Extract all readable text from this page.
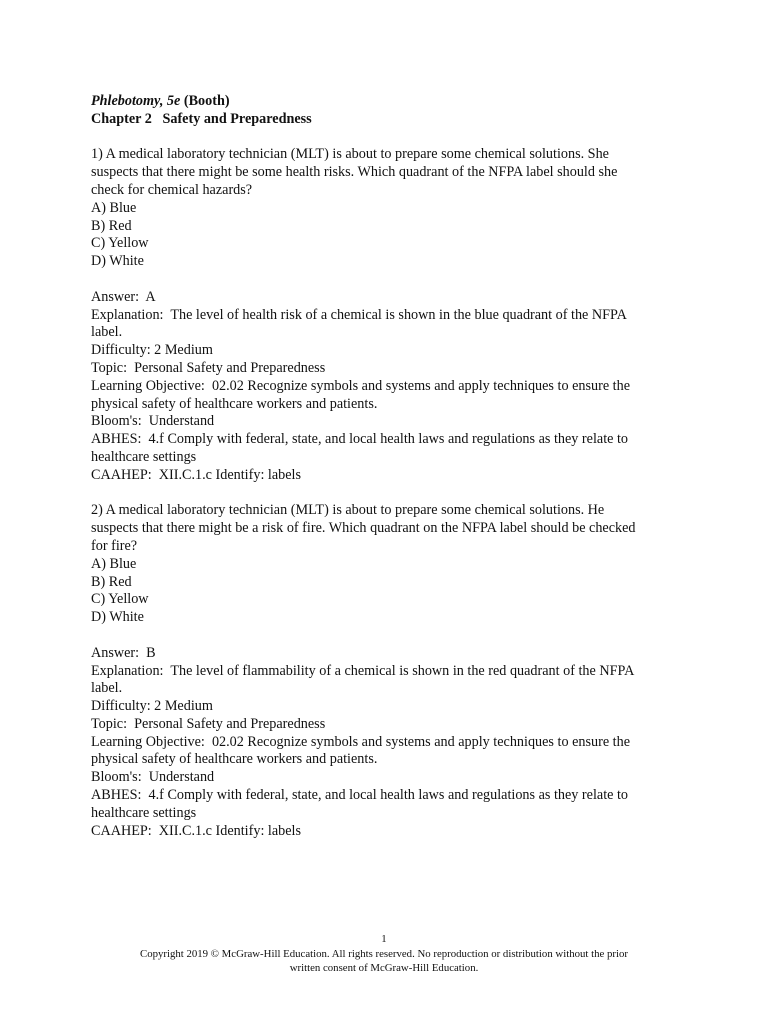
Phlebotomy, 5e (Booth)
Chapter 2   Safety and Preparedness
1) A medical laboratory technician (MLT) is about to prepare some chemical solutions. She
suspects that there might be some health risks. Which quadrant of the NFPA label should she
check for chemical hazards?
A) Blue
B) Red
C) Yellow
D) White
Answer:  A
Explanation:  The level of health risk of a chemical is shown in the blue quadrant of the NFPA
label.
Difficulty: 2 Medium
Topic:  Personal Safety and Preparedness
Learning Objective:  02.02 Recognize symbols and systems and apply techniques to ensure the
physical safety of healthcare workers and patients.
Bloom's:  Understand
ABHES:  4.f Comply with federal, state, and local health laws and regulations as they relate to
healthcare settings
CAAHEP:  XII.C.1.c Identify: labels
2) A medical laboratory technician (MLT) is about to prepare some chemical solutions. He
suspects that there might be a risk of fire. Which quadrant on the NFPA label should be checked
for fire?
A) Blue
B) Red
C) Yellow
D) White
Answer:  B
Explanation:  The level of flammability of a chemical is shown in the red quadrant of the NFPA
label.
Difficulty: 2 Medium
Topic:  Personal Safety and Preparedness
Learning Objective:  02.02 Recognize symbols and systems and apply techniques to ensure the
physical safety of healthcare workers and patients.
Bloom's:  Understand
ABHES:  4.f Comply with federal, state, and local health laws and regulations as they relate to
healthcare settings
CAAHEP:  XII.C.1.c Identify: labels
1
Copyright 2019 © McGraw-Hill Education. All rights reserved. No reproduction or distribution without the prior
written consent of McGraw-Hill Education.
